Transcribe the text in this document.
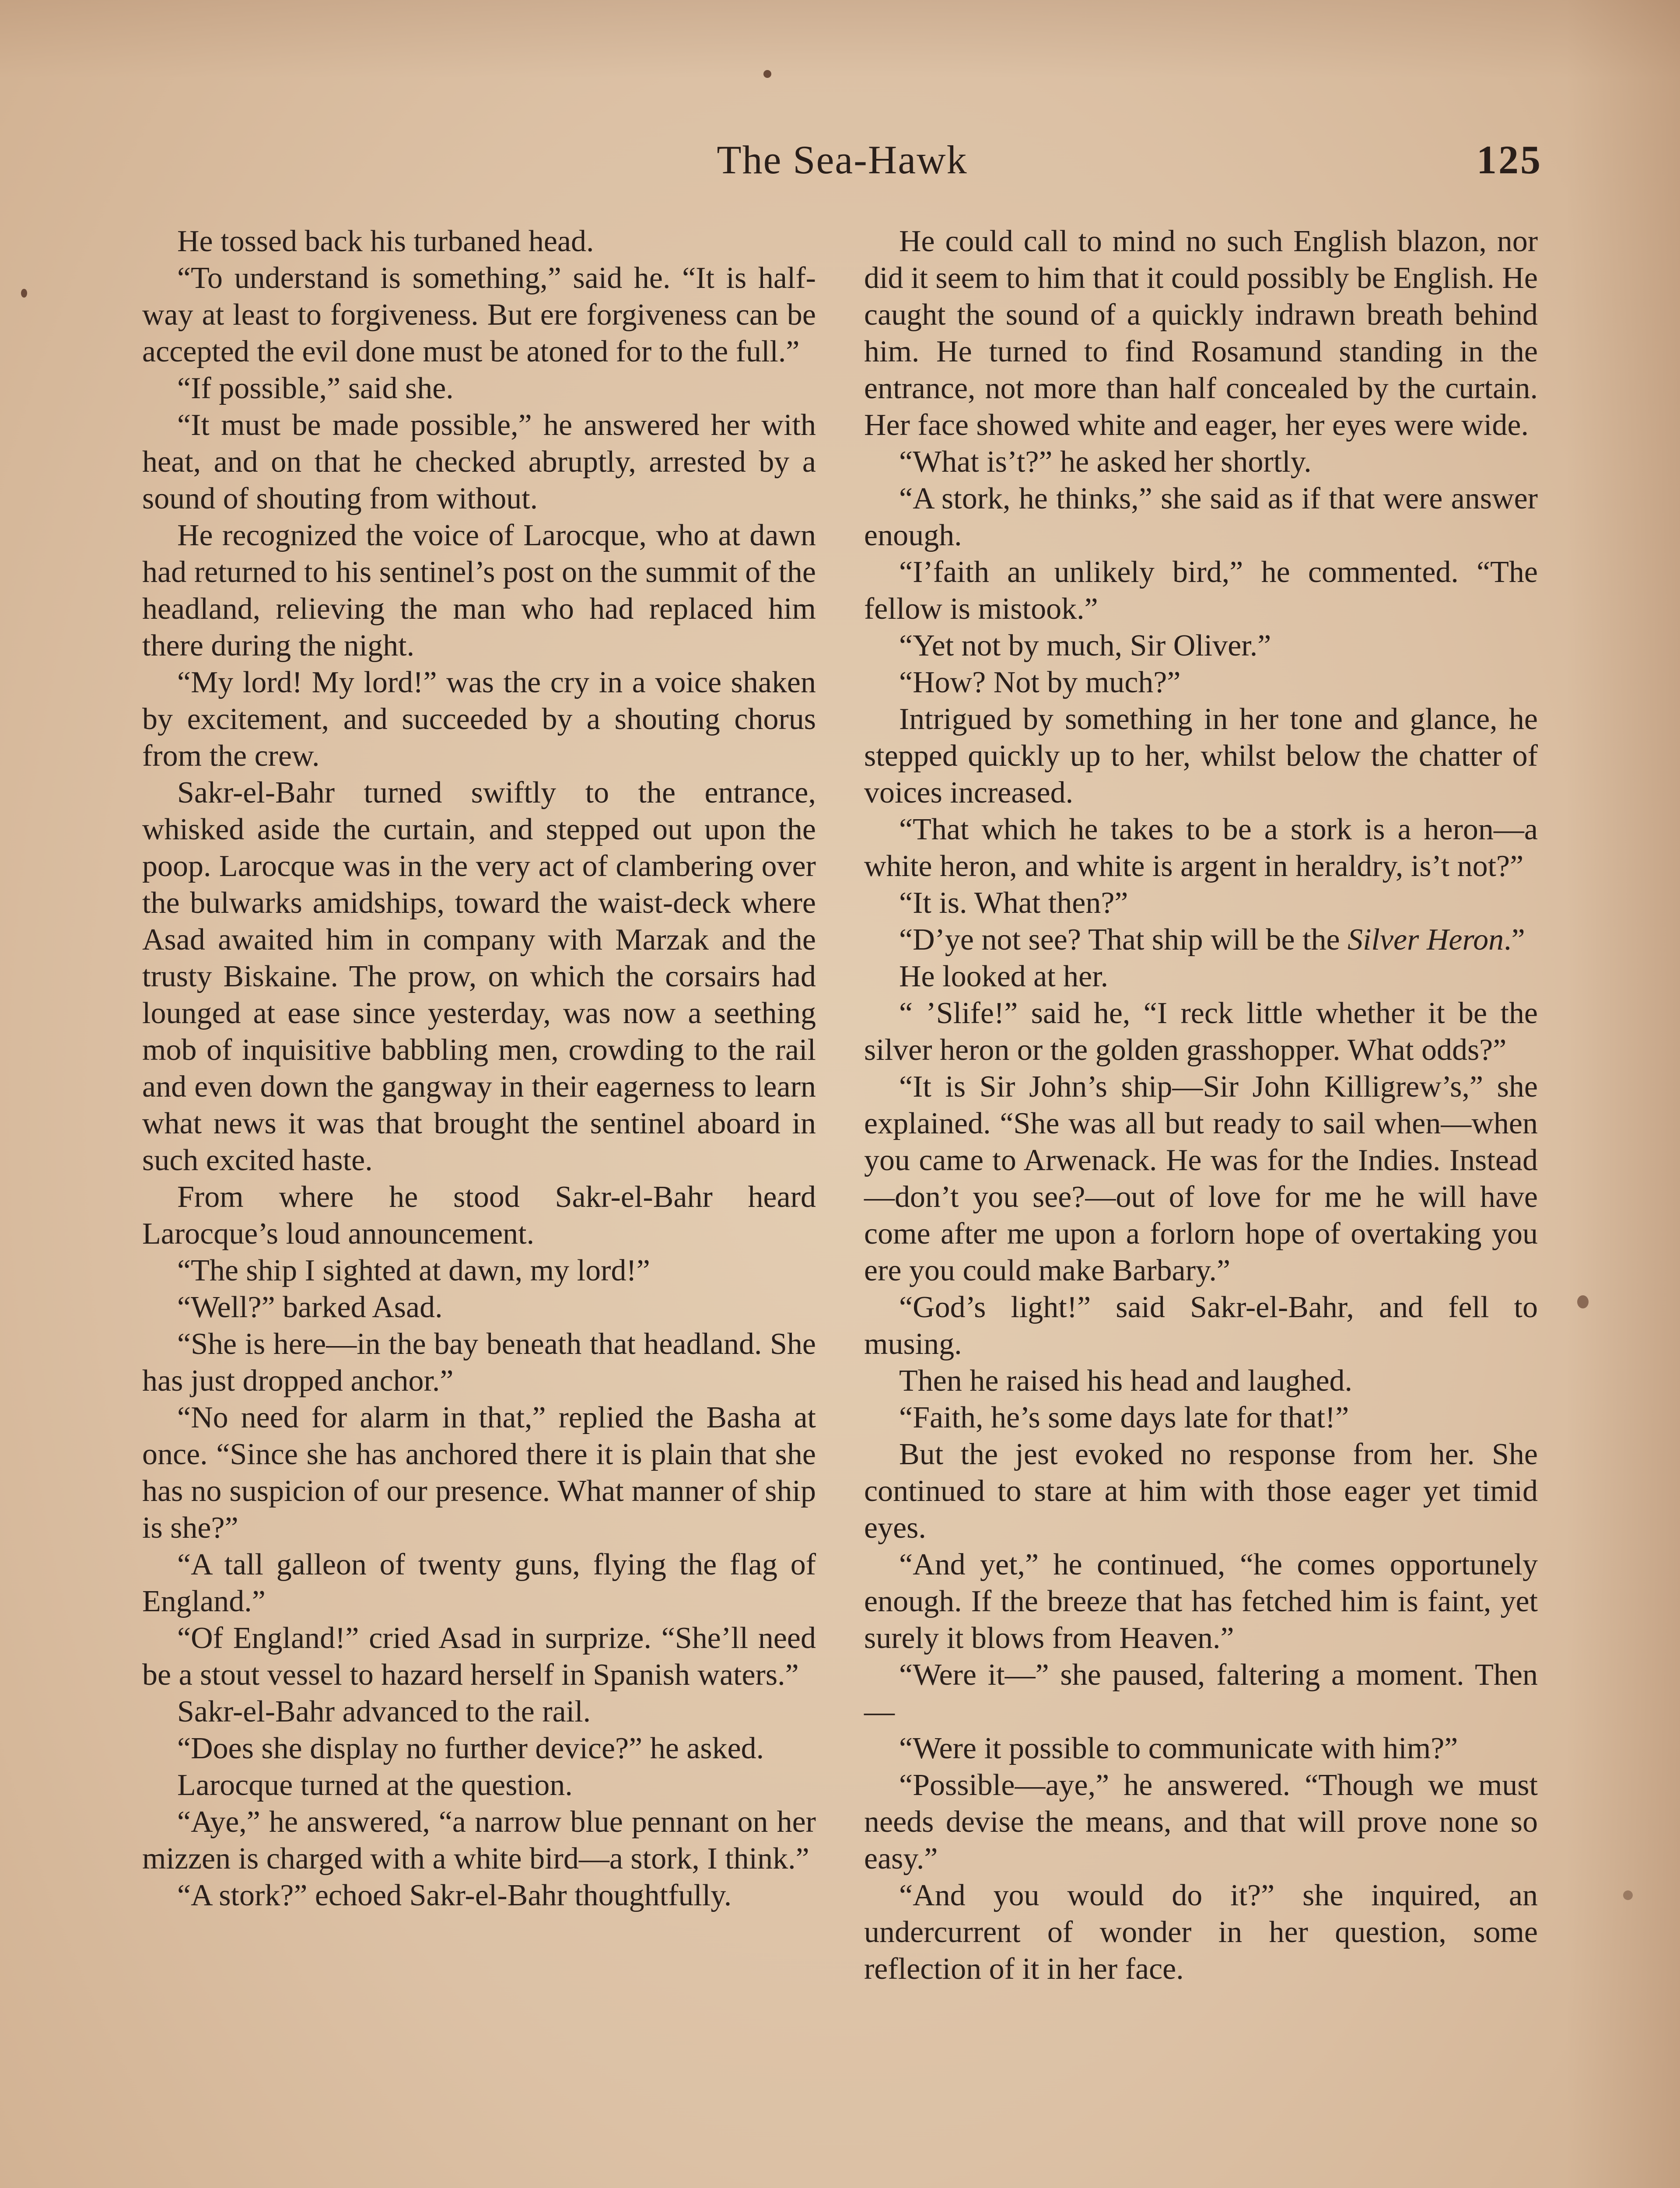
The Sea-Hawk	125

He tossed back his turbaned head.

“To understand is something,” said he. “It is half-way at least to forgiveness. But ere forgiveness can be accepted the evil done must be atoned for to the full.”

“If possible,” said she.

“It must be made possible,” he answered her with heat, and on that he checked abruptly, arrested by a sound of shouting from without.

He recognized the voice of Larocque, who at dawn had returned to his sentinel’s post on the summit of the headland, relieving the man who had replaced him there during the night.

“My lord! My lord!” was the cry in a voice shaken by excitement, and succeeded by a shouting chorus from the crew.

Sakr-el-Bahr turned swiftly to the entrance, whisked aside the curtain, and stepped out upon the poop. Larocque was in the very act of clambering over the bulwarks amidships, toward the waist-deck where Asad awaited him in company with Marzak and the trusty Biskaine. The prow, on which the corsairs had lounged at ease since yesterday, was now a seething mob of inquisitive babbling men, crowding to the rail and even down the gangway in their eagerness to learn what news it was that brought the sentinel aboard in such excited haste.

From where he stood Sakr-el-Bahr heard Larocque’s loud announcement.

“The ship I sighted at dawn, my lord!”

“Well?” barked Asad.

“She is here—in the bay beneath that headland. She has just dropped anchor.”

“No need for alarm in that,” replied the Basha at once. “Since she has anchored there it is plain that she has no suspicion of our presence. What manner of ship is she?”

“A tall galleon of twenty guns, flying the flag of England.”

“Of England!” cried Asad in surprize. “She’ll need be a stout vessel to hazard herself in Spanish waters.”

Sakr-el-Bahr advanced to the rail.

“Does she display no further device?” he asked.

Larocque turned at the question.

“Aye,” he answered, “a narrow blue pennant on her mizzen is charged with a white bird—a stork, I think.”

“A stork?” echoed Sakr-el-Bahr thoughtfully.

He could call to mind no such English blazon, nor did it seem to him that it could possibly be English. He caught the sound of a quickly indrawn breath behind him. He turned to find Rosamund standing in the entrance, not more than half concealed by the curtain. Her face showed white and eager, her eyes were wide.

“What is’t?” he asked her shortly.

“A stork, he thinks,” she said as if that were answer enough.

“I’faith an unlikely bird,” he commented. “The fellow is mistook.”

“Yet not by much, Sir Oliver.”

“How? Not by much?”

Intrigued by something in her tone and glance, he stepped quickly up to her, whilst below the chatter of voices increased.

“That which he takes to be a stork is a heron—a white heron, and white is argent in heraldry, is’t not?”

“It is. What then?”

“D’ye not see? That ship will be the Silver Heron.”

He looked at her.

“ ’Slife!” said he, “I reck little whether it be the silver heron or the golden grasshopper. What odds?”

“It is Sir John’s ship—Sir John Killigrew’s,” she explained. “She was all but ready to sail when—when you came to Arwenack. He was for the Indies. Instead—don’t you see?—out of love for me he will have come after me upon a forlorn hope of overtaking you ere you could make Barbary.”

“God’s light!” said Sakr-el-Bahr, and fell to musing.

Then he raised his head and laughed.

“Faith, he’s some days late for that!”

But the jest evoked no response from her. She continued to stare at him with those eager yet timid eyes.

“And yet,” he continued, “he comes opportunely enough. If the breeze that has fetched him is faint, yet surely it blows from Heaven.”

“Were it—” she paused, faltering a moment. Then—

“Were it possible to communicate with him?”

“Possible—aye,” he answered. “Though we must needs devise the means, and that will prove none so easy.”

“And you would do it?” she inquired, an undercurrent of wonder in her question, some reflection of it in her face.
